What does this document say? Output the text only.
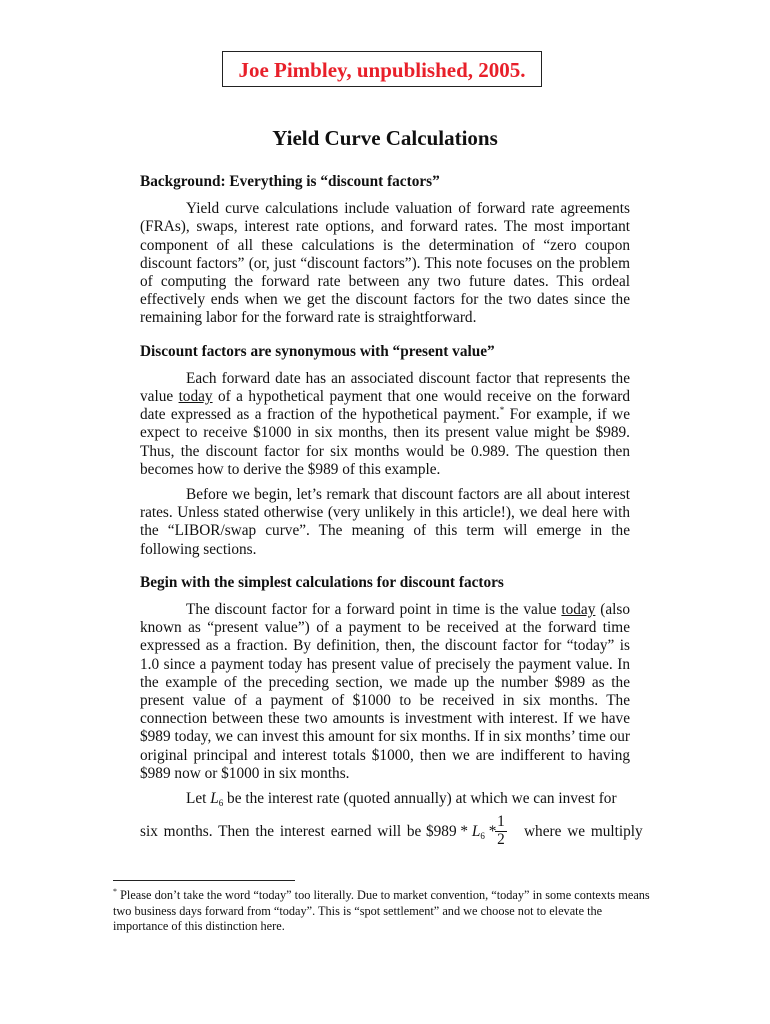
Joe Pimbley, unpublished, 2005.
Yield Curve Calculations
Background: Everything is “discount factors”

Yield curve calculations include valuation of forward rate agreements (FRAs), swaps, interest rate options, and forward rates. The most important component of all these calculations is the determination of “zero coupon discount factors” (or, just “discount factors”). This note focuses on the problem of computing the forward rate between any two future dates. This ordeal effectively ends when we get the discount factors for the two dates since the remaining labor for the forward rate is straightforward.

Discount factors are synonymous with “present value”

Each forward date has an associated discount factor that represents the value today of a hypothetical payment that one would receive on the forward date expressed as a fraction of the hypothetical payment.* For example, if we expect to receive $1000 in six months, then its present value might be $989. Thus, the discount factor for six months would be 0.989. The question then becomes how to derive the $989 of this example.

Before we begin, let’s remark that discount factors are all about interest rates. Unless stated otherwise (very unlikely in this article!), we deal here with the “LIBOR/swap curve”. The meaning of this term will emerge in the following sections.

Begin with the simplest calculations for discount factors

The discount factor for a forward point in time is the value today (also known as “present value”) of a payment to be received at the forward time expressed as a fraction. By definition, then, the discount factor for “today” is 1.0 since a payment today has present value of precisely the payment value. In the example of the preceding section, we made up the number $989 as the present value of a payment of $1000 to be received in six months. The connection between these two amounts is investment with interest. If we have $989 today, we can invest this amount for six months. If in six months’ time our original principal and interest totals $1000, then we are indifferent to having $989 now or $1000 in six months.

Let $L_6$ be the interest rate (quoted annually) at which we can invest for

six months. Then the interest earned will be $989 * $L_6$ *
1
2 where we multiply
* Please don’t take the word “today” too literally. Due to market convention, “today” in some contexts means two business days forward from “today”. This is “spot settlement” and we choose not to elevate the importance of this distinction here.
